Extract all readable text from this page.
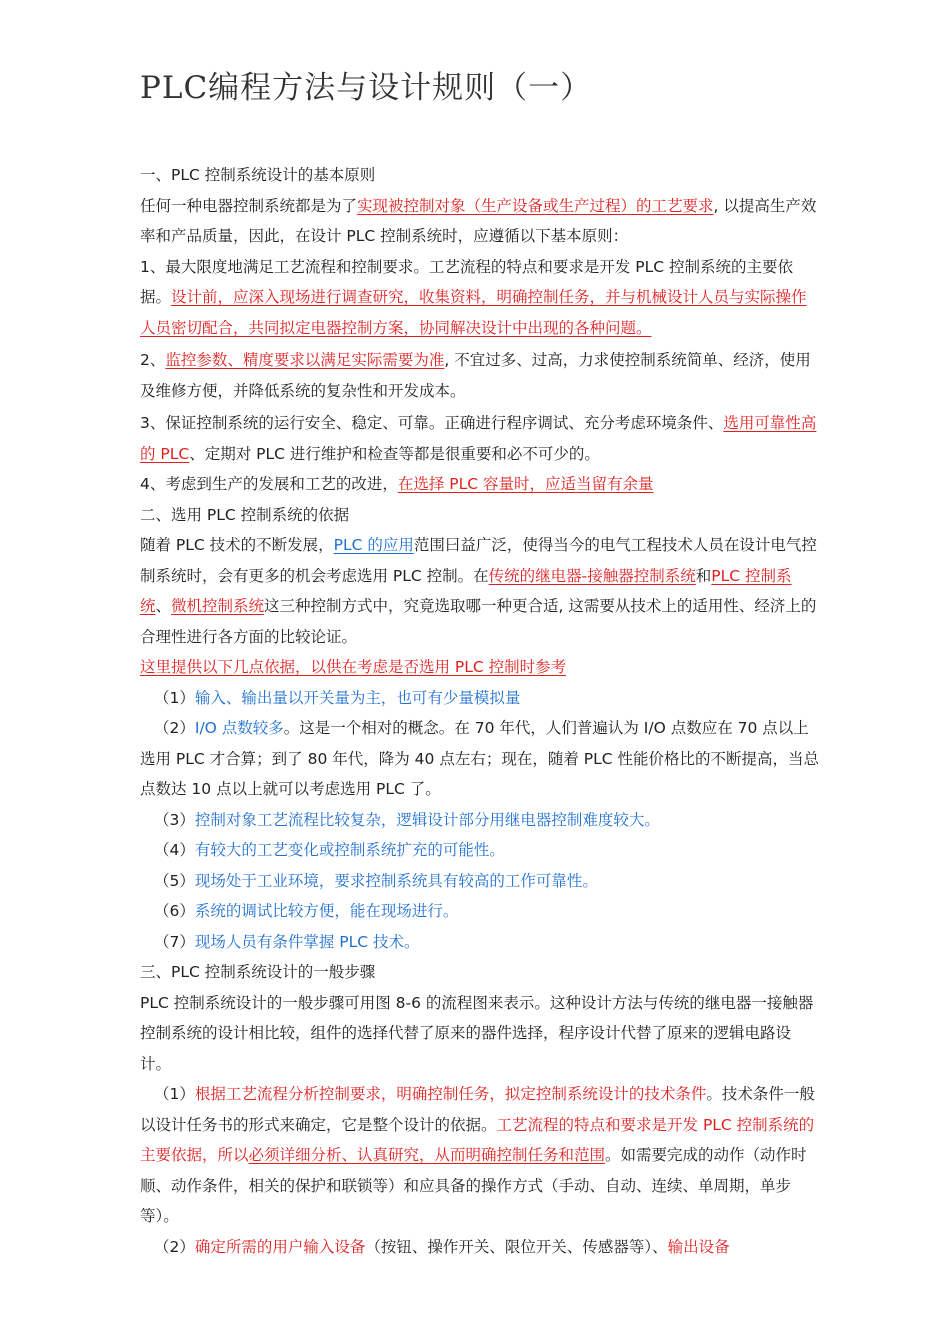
PLC编程方法与设计规则（一）

一、PLC 控制系统设计的基本原则

任何一种电器控制系统都是为了实现被控制对象（生产设备或生产过程）的工艺要求, 以提高生产效率和产品质量，因此，在设计 PLC 控制系统时，应遵循以下基本原则：

1、最大限度地满足工艺流程和控制要求。工艺流程的特点和要求是开发 PLC 控制系统的主要依据。设计前，应深入现场进行调查研究，收集资料，明确控制任务，并与机械设计人员与实际操作人员密切配合，共同拟定电器控制方案，协同解决设计中出现的各种问题。

2、监控参数、精度要求以满足实际需要为准, 不宜过多、过高，力求使控制系统简单、经济，使用及维修方便，并降低系统的复杂性和开发成本。

3、保证控制系统的运行安全、稳定、可靠。正确进行程序调试、充分考虑环境条件、选用可靠性高的 PLC、定期对 PLC 进行维护和检查等都是很重要和必不可少的。

4、考虑到生产的发展和工艺的改进，在选择 PLC 容量时，应适当留有余量

二、选用 PLC 控制系统的依据

随着 PLC 技术的不断发展，PLC 的应用范围曰益广泛，使得当今的电气工程技术人员在设计电气控制系统时，会有更多的机会考虑选用 PLC 控制。在传统的继电器-接触器控制系统和PLC 控制系统、微机控制系统这三种控制方式中，究竟选取哪一种更合适, 这需要从技术上的适用性、经济上的合理性进行各方面的比较论证。

这里提供以下几点依据，以供在考虑是否选用 PLC 控制时参考

（1）输入、输出量以开关量为主，也可有少量模拟量

（2）I/O 点数较多。这是一个相对的概念。在 70 年代，人们普遍认为 I/O 点数应在 70 点以上选用 PLC 才合算；到了 80 年代，降为 40 点左右；现在，随着 PLC 性能价格比的不断提高，当总点数达 10 点以上就可以考虑选用 PLC 了。

（3）控制对象工艺流程比较复杂，逻辑设计部分用继电器控制难度较大。

（4）有较大的工艺变化或控制系统扩充的可能性。

（5）现场处于工业环境，要求控制系统具有较高的工作可靠性。

（6）系统的调试比较方便，能在现场进行。

（7）现场人员有条件掌握 PLC 技术。

三、PLC 控制系统设计的一般步骤

PLC 控制系统设计的一般步骤可用图 8-6 的流程图来表示。这种设计方法与传统的继电器一接触器控制系统的设计相比较，组件的选择代替了原来的器件选择，程序设计代替了原来的逻辑电路设计。

（1）根据工艺流程分析控制要求，明确控制任务，拟定控制系统设计的技术条件。技术条件一般以设计任务书的形式来确定，它是整个设计的依据。工艺流程的特点和要求是开发 PLC 控制系统的主要依据，所以必须详细分析、认真研究，从而明确控制任务和范围。如需要完成的动作（动作时顺、动作条件，相关的保护和联锁等）和应具备的操作方式（手动、自动、连续、单周期，单步等）。

（2）确定所需的用户输入设备（按钮、操作开关、限位开关、传感器等）、输出设备
